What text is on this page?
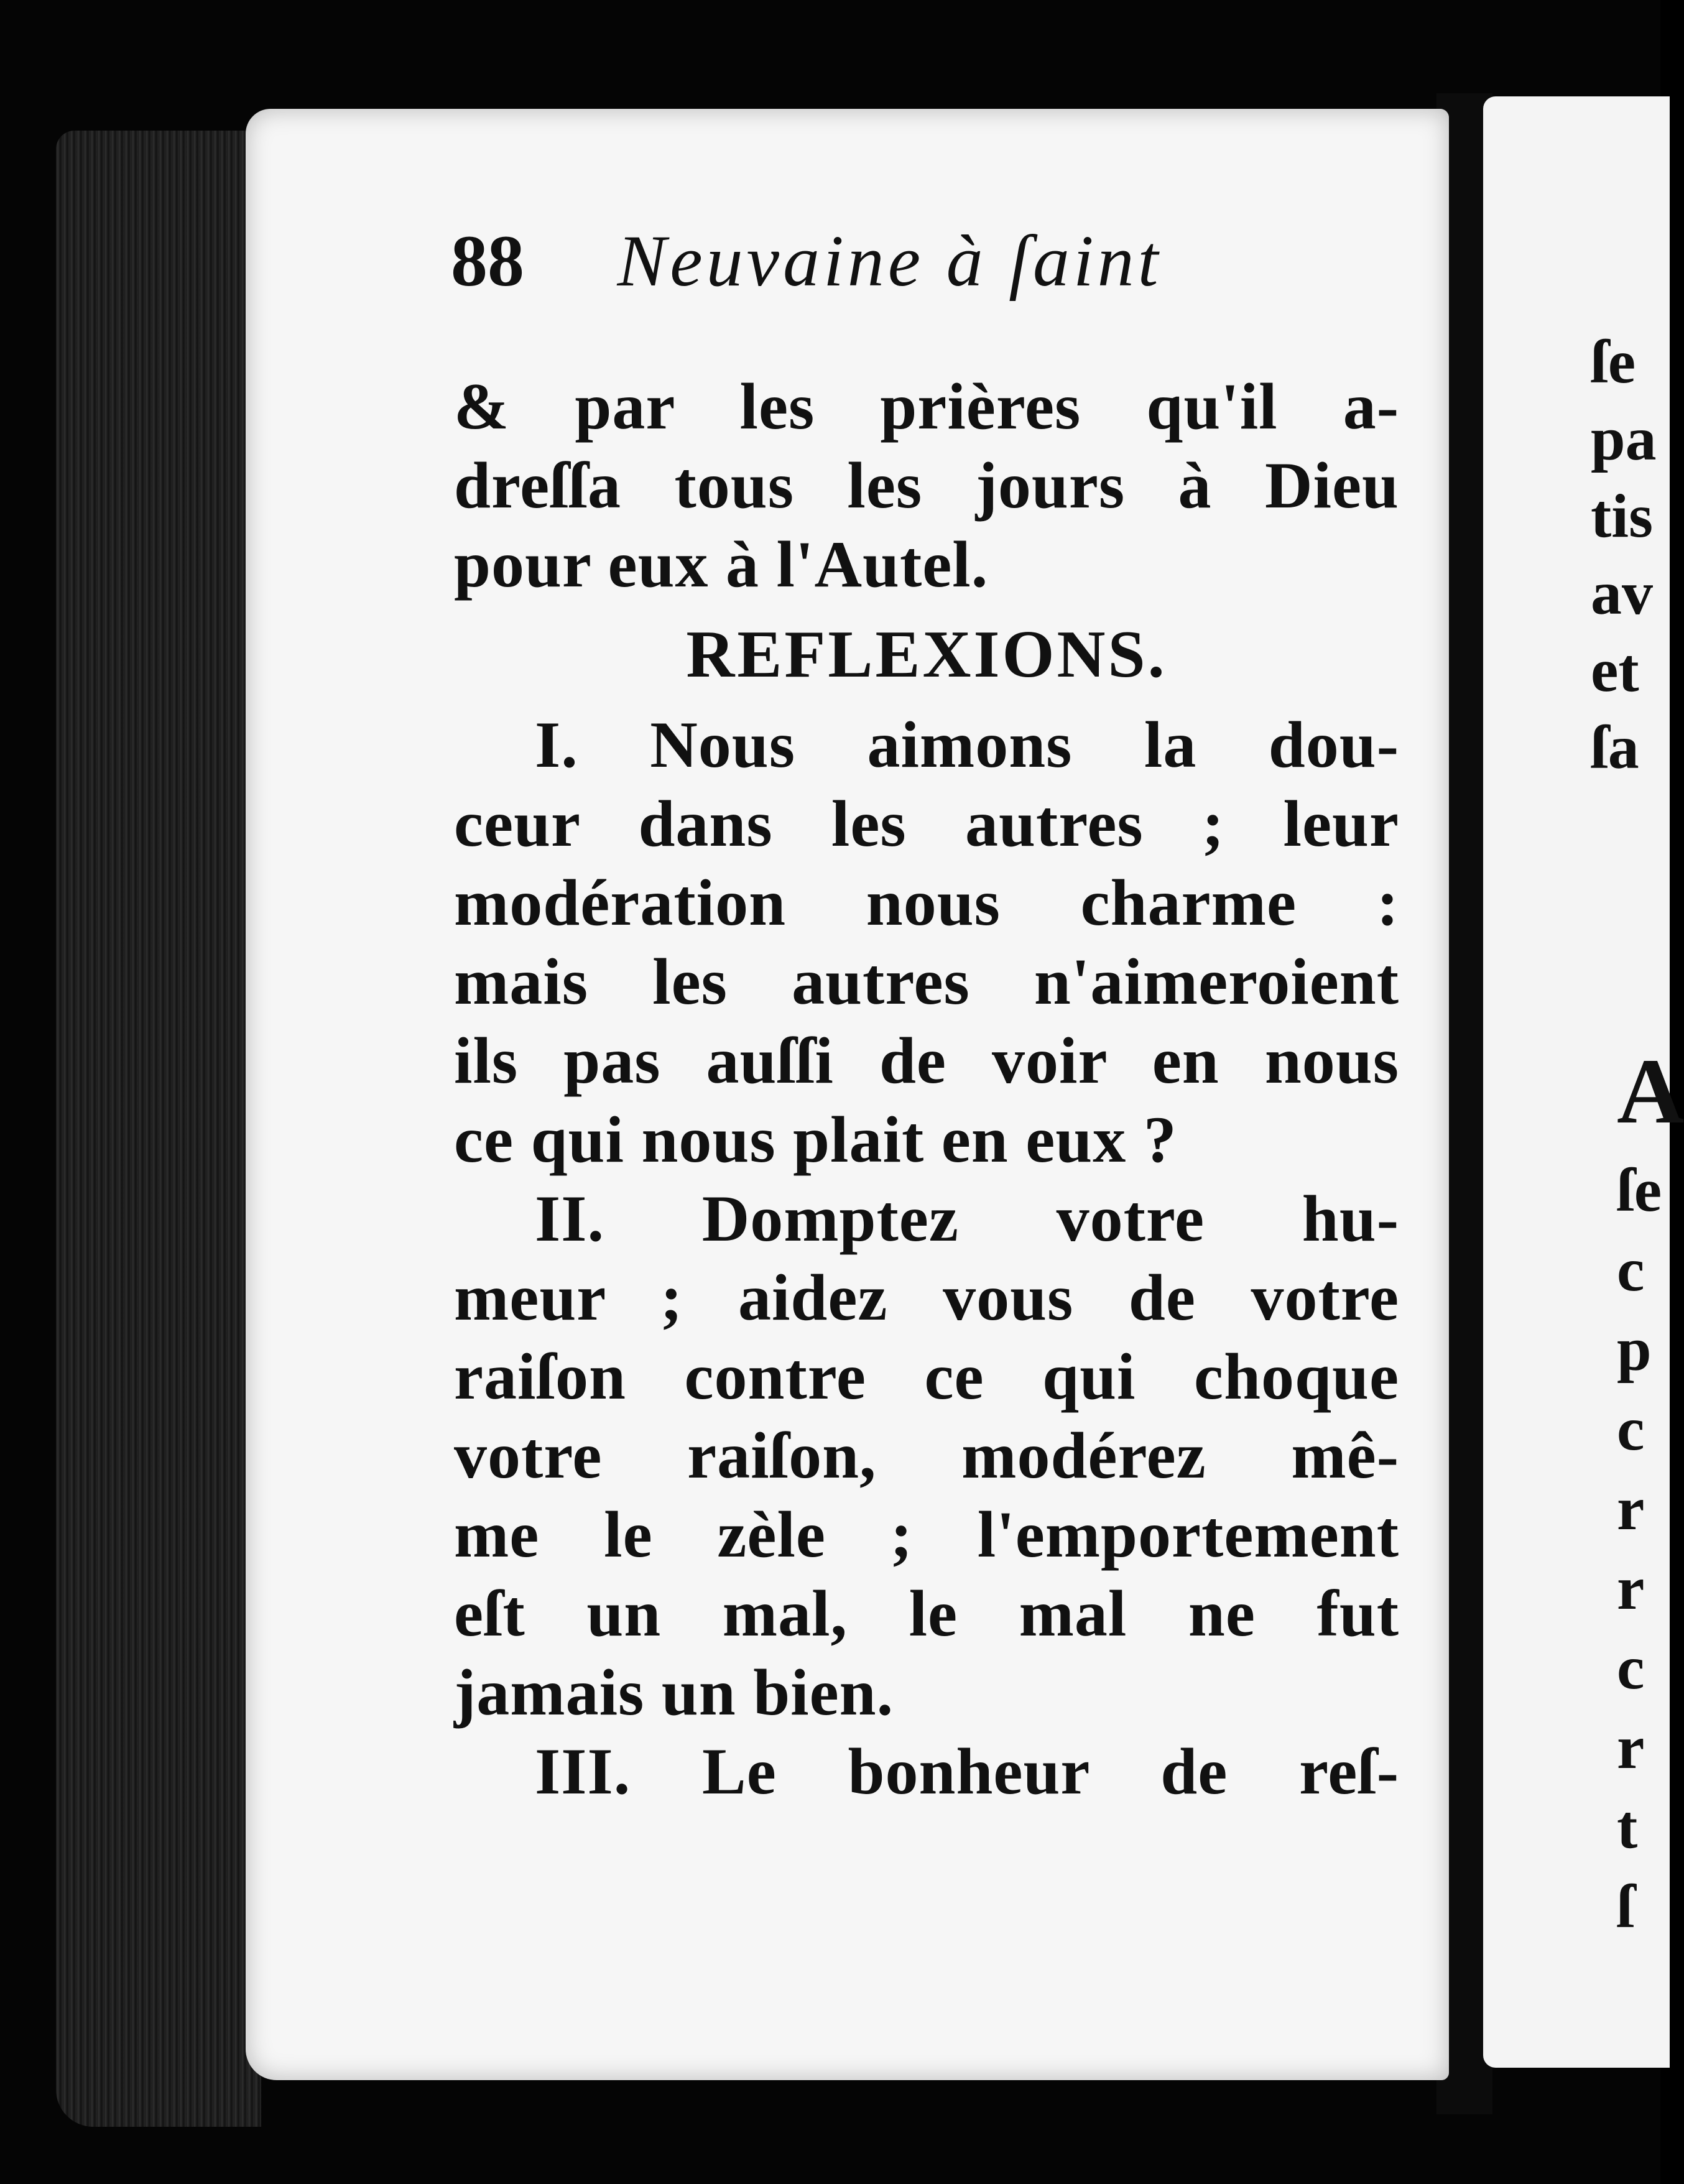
88 Neuvaine à ſaint
& par les prières qu'il a-
dreſſa tous les jours à Dieu
pour eux à l'Autel.
REFLEXIONS.
I. Nous aimons la dou-
ceur dans les autres ; leur
modération nous charme :
mais les autres n'aimeroient
ils pas auſſi de voir en nous
ce qui nous plait en eux ?
II. Domptez votre hu-
meur ; aidez vous de votre
raiſon contre ce qui choque
votre raiſon, modérez mê-
me le zèle ; l'emportement
eſt un mal, le mal ne fut
jamais un bien.
III. Le bonheur de reſ-
ſe
pa
tis
av
et
ſa
A
ſe
c
p
c
r
r
c
r
t
ſ
